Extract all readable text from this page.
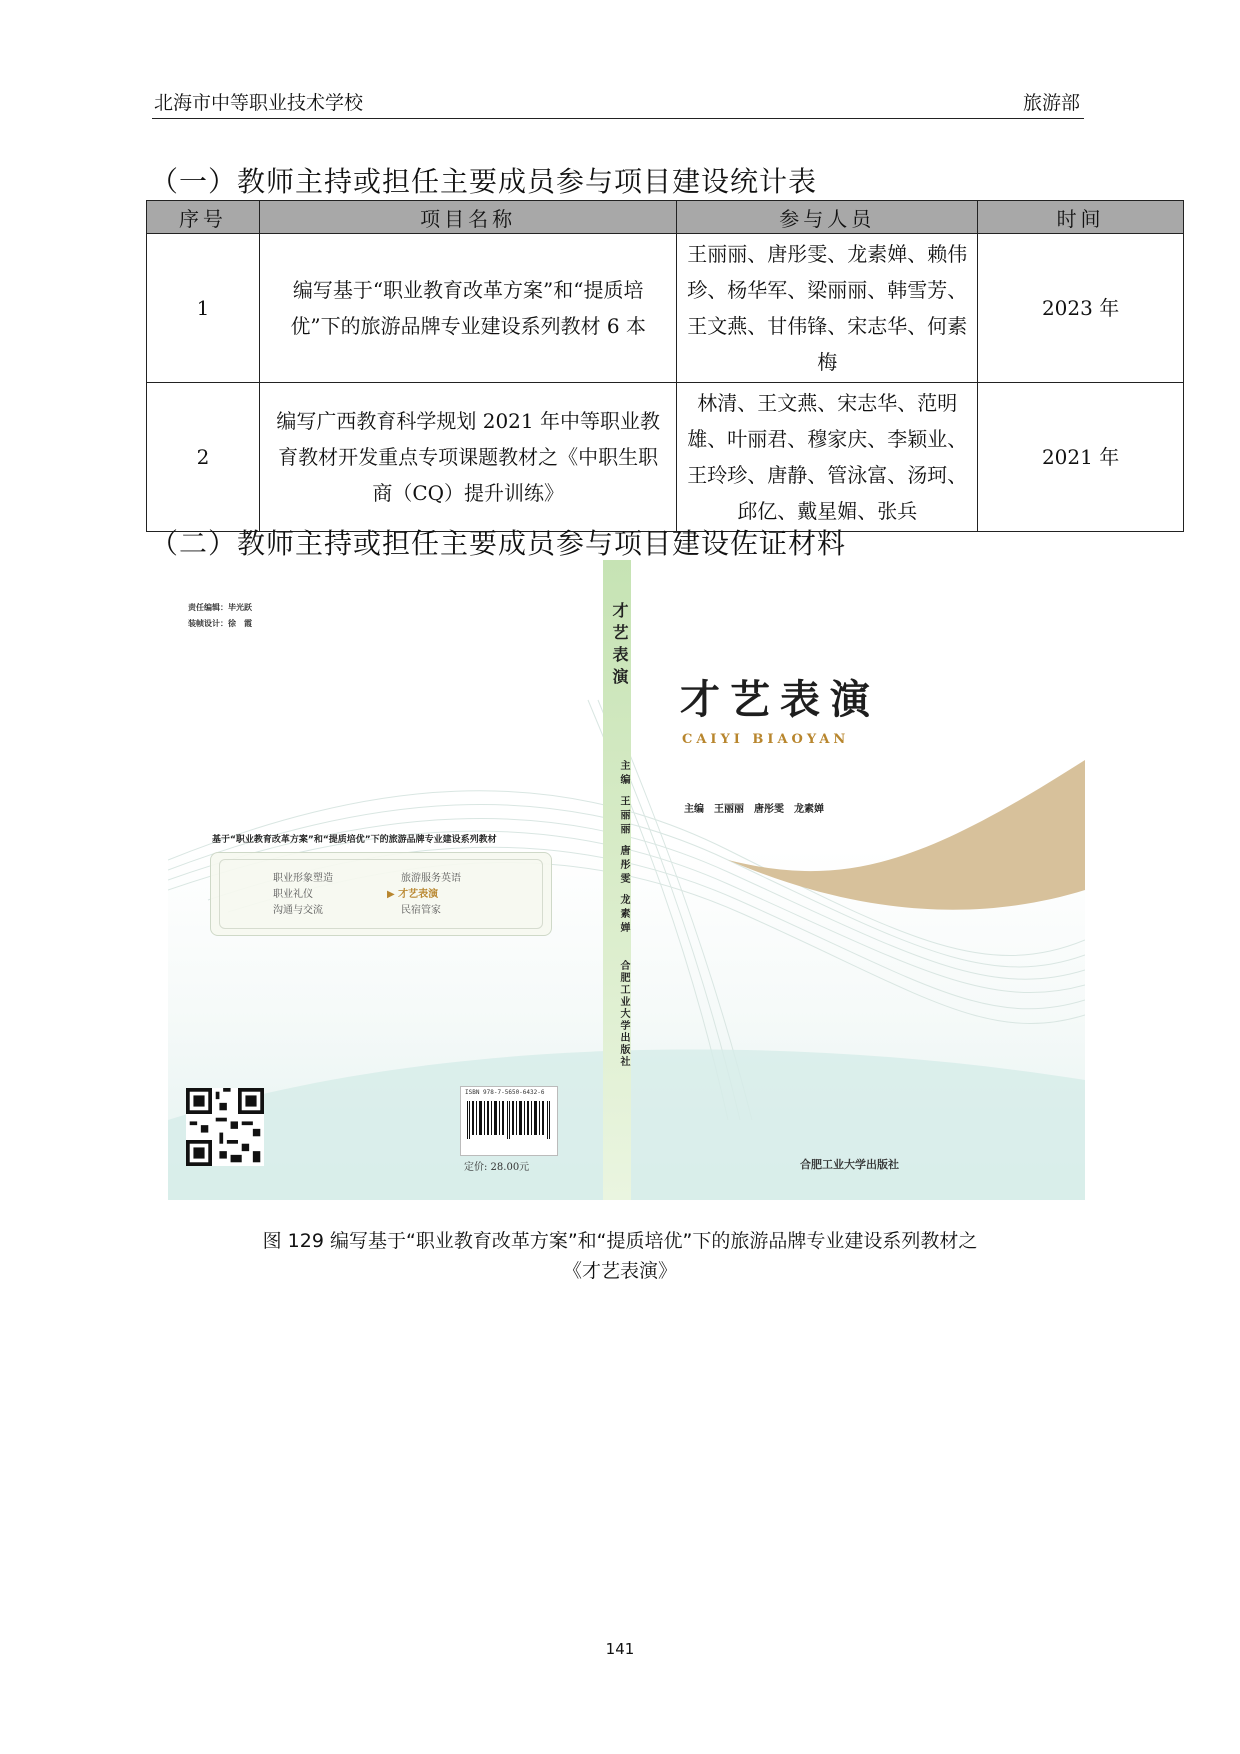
北海市中等职业技术学校	旅游部
（一）教师主持或担任主要成员参与项目建设统计表
序号	项目名称	参与人员	时间
1	编写基于“职业教育改革方案”和“提质培优”下的旅游品牌专业建设系列教材 6 本	王丽丽、唐彤雯、龙素婵、赖伟珍、杨华军、梁丽丽、韩雪芳、王文燕、甘伟锋、宋志华、何素梅	2023 年
2	编写广西教育科学规划 2021 年中等职业教育教材开发重点专项课题教材之《中职生职商（CQ）提升训练》	林清、王文燕、宋志华、范明雄、叶丽君、穆家庆、李颖业、王玲珍、唐静、管泳富、汤珂、邱亿、戴星媚、张兵	2021 年
（二）教师主持或担任主要成员参与项目建设佐证材料
责任编辑：毕光跃
装帧设计：徐　霞
基于“职业教育改革方案”和“提质培优”下的旅游品牌专业建设系列教材
职业形象塑造
职业礼仪
沟通与交流
旅游服务英语
▶ 才艺表演
民宿管家
ISBN 978-7-5650-6432-6
定价: 28.00元
才艺表演
主编 王丽丽 唐彤雯 龙素婵
合肥工业大学出版社
才艺表演
CAIYI BIAOYAN
主编　王丽丽　唐彤雯　龙素婵
合肥工业大学出版社
图 129 编写基于“职业教育改革方案”和“提质培优”下的旅游品牌专业建设系列教材之
《才艺表演》
141
